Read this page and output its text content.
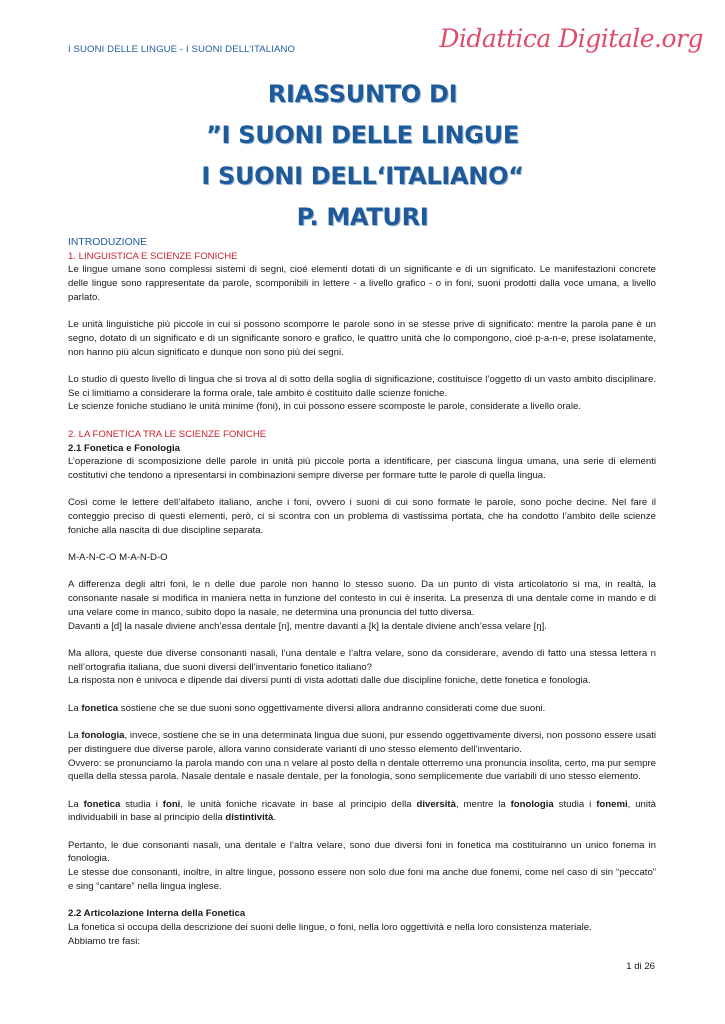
I SUONI DELLE LINGUE - I SUONI DELL’ITALIANO	Didattica Digitale.org
RIASSUNTO DI
”I SUONI DELLE LINGUE
I SUONI DELL‘ITALIANO“
P. MATURI

INTRODUZIONE

1. LINGUISTICA E SCIENZE FONICHE

Le lingue umane sono complessi sistemi di segni, cioé elementi dotati di un significante e di un significato. Le manifestazioni concrete delle lingue sono rappresentate da parole, scomponibili in lettere - a livello grafico - o in foni, suoni prodotti dalla voce umana, a livello parlato.

Le unità linguistiche più piccole in cui si possono scomporre le parole sono in se stesse prive di significato: mentre la parola pane è un segno, dotato di un significato e di un significante sonoro e grafico, le quattro unità che lo compongono, cioé p-a-n-e, prese isolatamente, non hanno più alcun significato e dunque non sono più dei segni.

Lo studio di questo livello di lingua che si trova al di sotto della soglia di significazione, costituisce l’oggetto di un vasto ambito disciplinare. Se ci limitiamo a considerare la forma orale, tale ambito è costituito dalle scienze foniche.

Le scienze foniche studiano le unità minime (foni), in cui possono essere scomposte le parole, considerate a livello orale.

2. LA FONETICA TRA LE SCIENZE FONICHE

2.1 Fonetica e Fonologia

L’operazione di scomposizione delle parole in unità più piccole porta a identificare, per ciascuna lingua umana, una serie di elementi costitutivi che tendono a ripresentarsi in combinazioni sempre diverse per formare tutte le parole di quella lingua.

Così come le lettere dell’alfabeto italiano, anche i foni, ovvero i suoni di cui sono formate le parole, sono poche decine. Nel fare il conteggio preciso di questi elementi, però, ci si scontra con un problema di vastissima portata, che ha condotto l’ambito delle scienze foniche alla nascita di due discipline separata.

M-A-N-C-O M-A-N-D-O

A differenza degli altri foni, le n delle due parole non hanno lo stesso suono. Da un punto di vista articolatorio sì ma, in realtà, la consonante nasale si modifica in maniera netta in funzione del contesto in cui è inserita. La presenza di una dentale come in mando e di una velare come in manco, subito dopo la nasale, ne determina una pronuncia del tutto diversa.

Davanti a [d] la nasale diviene anch’essa dentale [n], mentre davanti a [k] la dentale diviene anch’essa velare [ŋ].

Ma allora, queste due diverse consonanti nasali, l’una dentale e l’altra velare, sono da considerare, avendo di fatto una stessa lettera n nell’ortografia italiana, due suoni diversi dell’inventario fonetico italiano?

La risposta non è univoca e dipende dai diversi punti di vista adottati dalle due discipline foniche, dette fonetica e fonologia.

La fonetica sostiene che se due suoni sono oggettivamente diversi allora andranno considerati come due suoni.

La fonologia, invece, sostiene che se in una determinata lingua due suoni, pur essendo oggettivamente diversi, non possono essere usati per distinguere due diverse parole, allora vanno considerate varianti di uno stesso elemento dell’inventario.

Ovvero: se pronunciamo la parola mando con una n velare al posto della n dentale otterremo una pronuncia insolita, certo, ma pur sempre quella della stessa parola. Nasale dentale e nasale dentale, per la fonologia, sono semplicemente due variabili di uno stesso elemento.

La fonetica studia i foni, le unità foniche ricavate in base al principio della diversità, mentre la fonologia studia i fonemi, unità individuabili in base al principio della distintività.

Pertanto, le due consonanti nasali, una dentale e l’altra velare, sono due diversi foni in fonetica ma costituiranno un unico fonema in fonologia.

Le stesse due consonanti, inoltre, in altre lingue, possono essere non solo due foni ma anche due fonemi, come nel caso di sin “peccato” e sing “cantare” nella lingua inglese.

2.2 Articolazione Interna della Fonetica

La fonetica si occupa della descrizione dei suoni delle lingue, o foni, nella loro oggettività e nella loro consistenza materiale.

Abbiamo tre fasi:

1 di 26
